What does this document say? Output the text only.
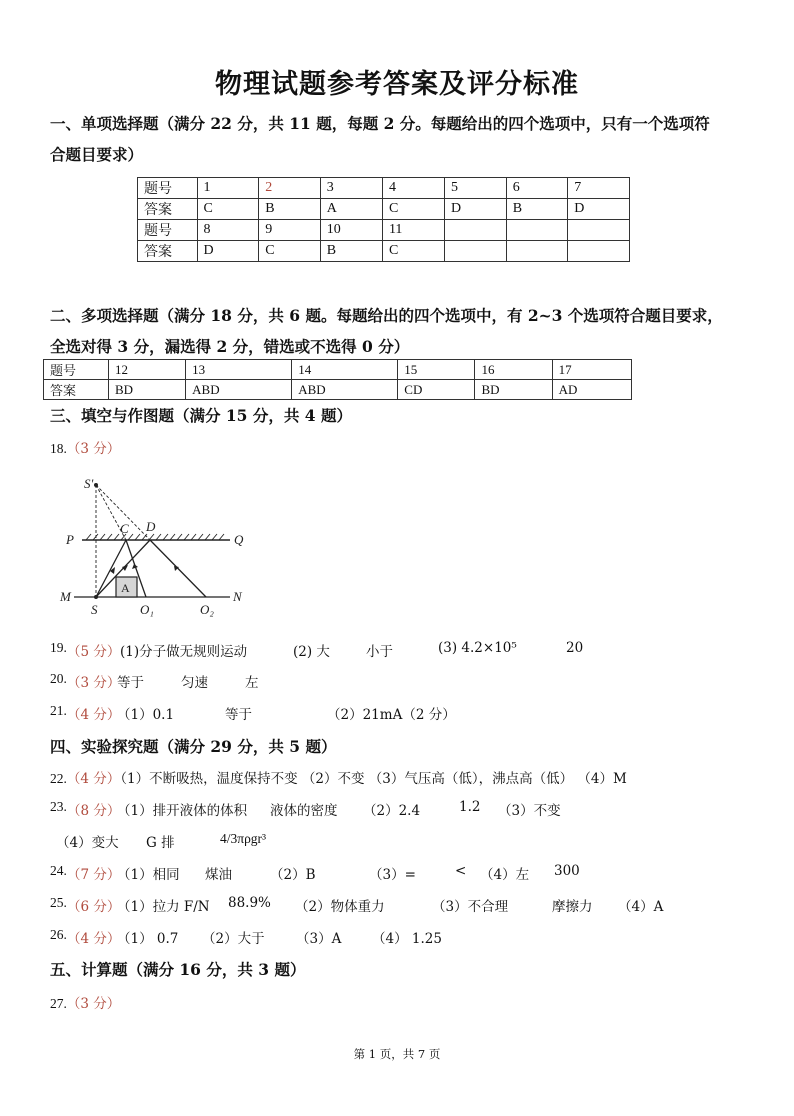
物理试题参考答案及评分标准
一、单项选择题（满分 22 分，共 11 题，每题 2 分。每题给出的四个选项中，只有一个选项符
合题目要求）
题号	1	2	3	4	5	6	7
答案	C	B	A	C	D	B	D
题号	8	9	10	11			
答案	D	C	B	C			
二、多项选择题（满分 18 分，共 6 题。每题给出的四个选项中，有 2~3 个选项符合题目要求，
全选对得 3 分，漏选得 2 分，错选或不选得 0 分）
题号	12	13	14	15	16	17
答案	BD	ABD	ABD	CD	BD	AD
三、填空与作图题（满分 15 分，共 4 题）
18.（3 分）
S'
C D
P	Q
M	N
S	O₁	O₂
A
19. （5 分） (1)分子做无规则运动	(2) 大	小于	(3) 4.2×10⁵	20
20. （3 分）
等于	匀速	左
21. （4 分）
（1）0.1	等于	（2）21mA（2 分）
四、实验探究题（满分 29 分，共 5 题）
22.（4 分）（1）不断吸热，温度保持不变 （2）不变 （3）气压高（低），沸点高（低） （4）M
23. （8 分）
（1）排开液体的体积 液体的密度 （2）2.4	1.2 （3）不变
（4）变大 G 排	4/3πρgr³
24. （7 分）
（1）相同 煤油	（2）B	（3）=	< （4）左 300
25. （6 分）
（1）拉力 F/N 88.9% （2）物体重力	（3）不合理	摩擦力 （4）A
26. （4 分）
（1） 0.7 （2）大于 （3）A （4） 1.25
五、计算题（满分 16 分，共 3 题）
27.（3 分）
第 1 页，共 7 页
